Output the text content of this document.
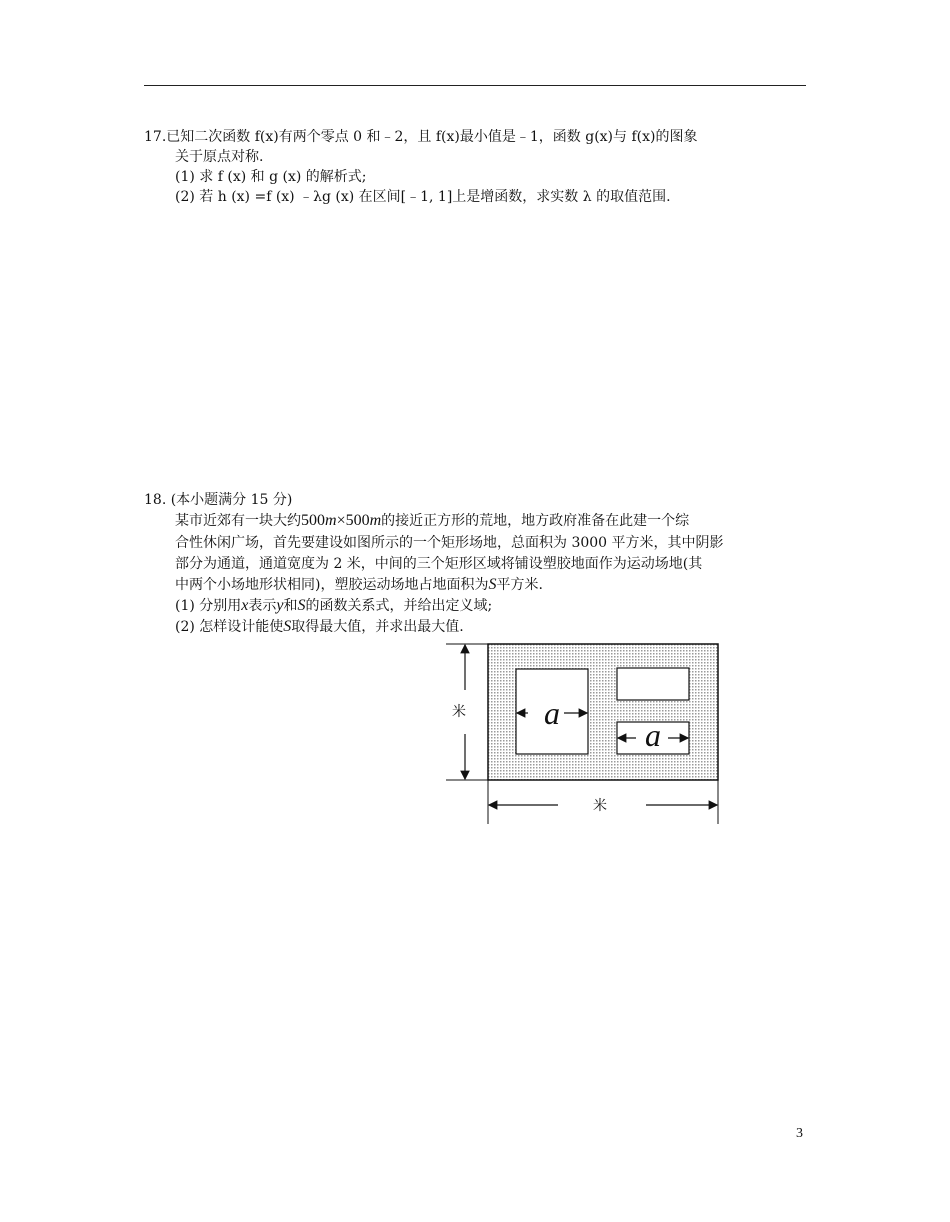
17.已知二次函数 f(x)有两个零点 0 和﹣2，且 f(x)最小值是﹣1，函数 g(x)与 f(x)的图象
关于原点对称.
(1) 求 f (x) 和 g (x) 的解析式;
(2) 若 h (x) =f (x) ﹣λg (x) 在区间[﹣1, 1]上是增函数，求实数 λ 的取值范围.
18. (本小题满分 15 分)
某市近郊有一块大约500m×500m的接近正方形的荒地，地方政府准备在此建一个综
合性休闲广场，首先要建设如图所示的一个矩形场地，总面积为 3000 平方米，其中阴影
部分为通道，通道宽度为 2 米，中间的三个矩形区域将铺设塑胶地面作为运动场地(其
中两个小场地形状相同)，塑胶运动场地占地面积为S平方米.
(1) 分别用x表示y和S的函数关系式，并给出定义域;
(2) 怎样设计能使S取得最大值，并求出最大值.
a
a
米
米
3
